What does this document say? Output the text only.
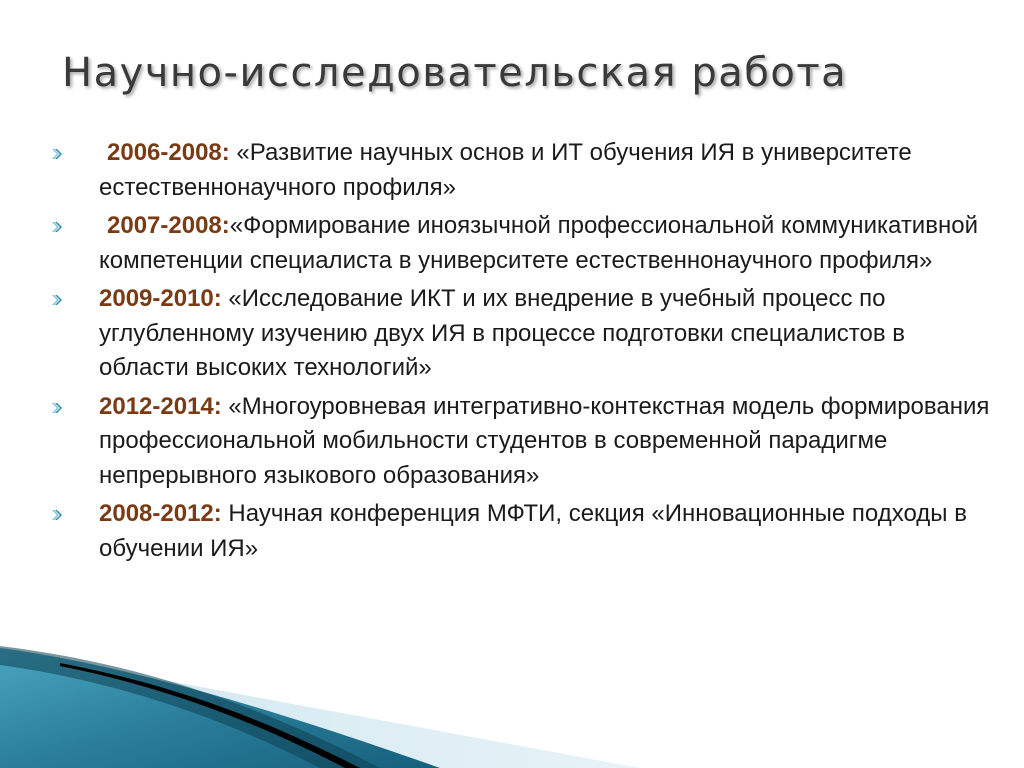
Научно-исследовательская работа
2006-2008: «Развитие научных основ и ИТ обучения ИЯ в университете естественнонаучного профиля»
2007-2008:«Формирование иноязычной профессиональной коммуникативной компетенции специалиста в университете естественнонаучного профиля»
2009-2010: «Исследование ИКТ и их внедрение в учебный процесс по углубленному изучению двух ИЯ в процессе подготовки специалистов в области высоких технологий»
2012-2014: «Многоуровневая интегративно-контекстная модель формирования профессиональной мобильности студентов в современной парадигме непрерывного языкового образования»
2008-2012: Научная конференция МФТИ, секция «Инновационные подходы в обучении ИЯ»
